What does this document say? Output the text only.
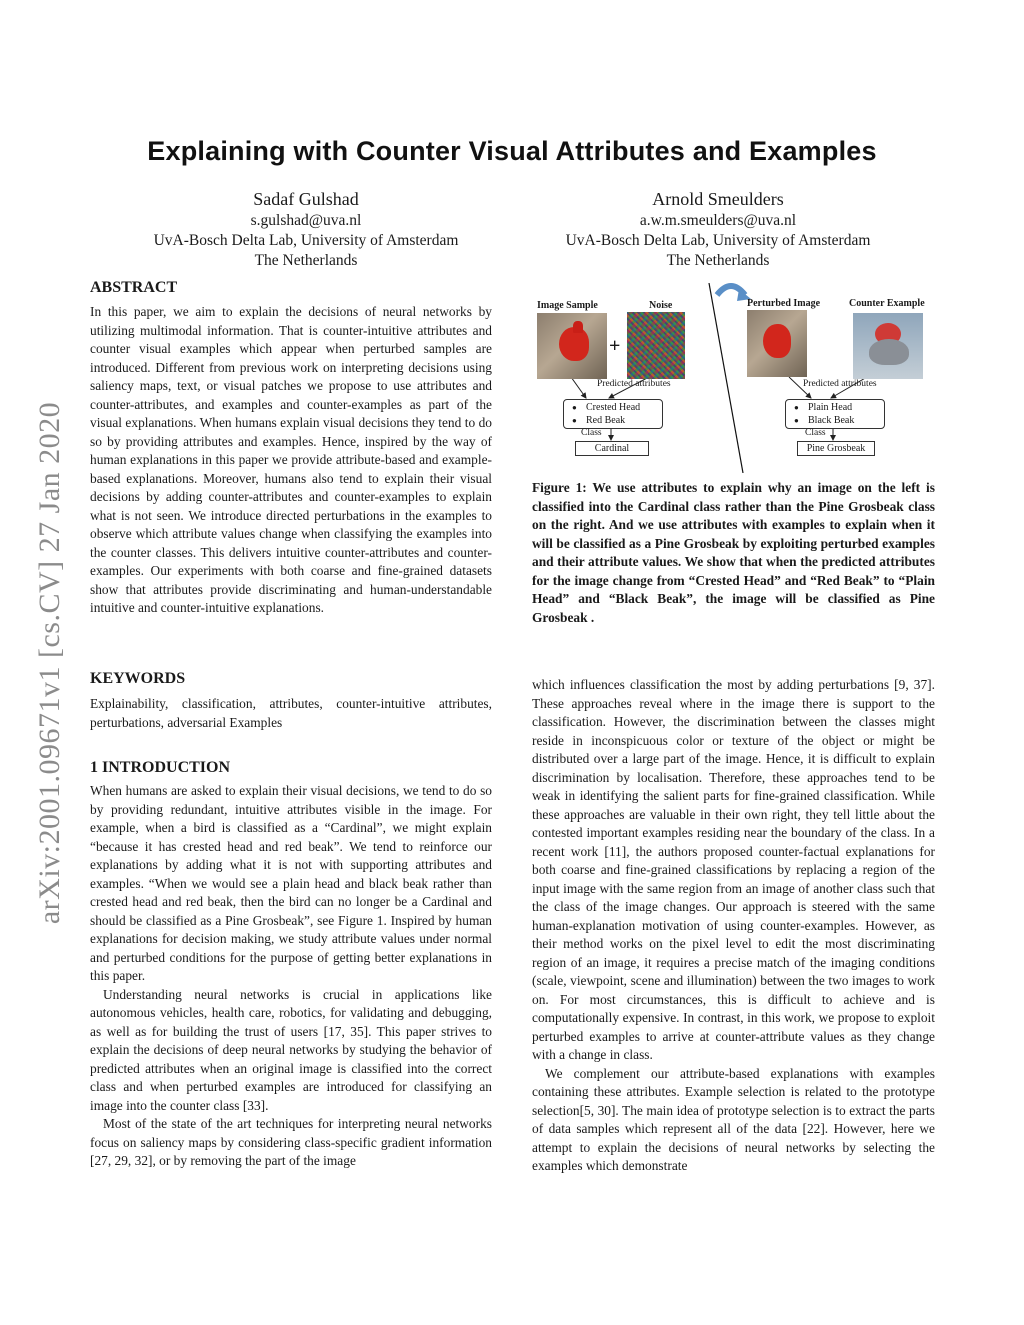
arXiv:2001.09671v1 [cs.CV] 27 Jan 2020
Explaining with Counter Visual Attributes and Examples
Sadaf Gulshad
s.gulshad@uva.nl
UvA-Bosch Delta Lab, University of Amsterdam
The Netherlands
Arnold Smeulders
a.w.m.smeulders@uva.nl
UvA-Bosch Delta Lab, University of Amsterdam
The Netherlands
ABSTRACT

In this paper, we aim to explain the decisions of neural networks by utilizing multimodal information. That is counter-intuitive attributes and counter visual examples which appear when perturbed samples are introduced. Different from previous work on interpreting decisions using saliency maps, text, or visual patches we propose to use attributes and counter-attributes, and examples and counter-examples as part of the visual explanations. When humans explain visual decisions they tend to do so by providing attributes and examples. Hence, inspired by the way of human explanations in this paper we provide attribute-based and example-based explanations. Moreover, humans also tend to explain their visual decisions by adding counter-attributes and counter-examples to explain what is not seen. We introduce directed perturbations in the examples to observe which attribute values change when classifying the examples into the counter classes. This delivers intuitive counter-attributes and counter-examples. Our experiments with both coarse and fine-grained datasets show that attributes provide discriminating and human-understandable intuitive and counter-intuitive explanations.

KEYWORDS

Explainability, classification, attributes, counter-intuitive attributes, perturbations, adversarial Examples

1 INTRODUCTION

When humans are asked to explain their visual decisions, we tend to do so by providing redundant, intuitive attributes visible in the image. For example, when a bird is classified as a “Cardinal”, we might explain “because it has crested head and red beak”. We tend to reinforce our explanations by adding what it is not with supporting attributes and examples. “When we would see a plain head and black beak rather than crested head and red beak, then the bird can no longer be a Cardinal and should be classified as a Pine Grosbeak”, see Figure 1. Inspired by human explanations for decision making, we study attribute values under normal and perturbed conditions for the purpose of getting better explanations in this paper.

Understanding neural networks is crucial in applications like autonomous vehicles, health care, robotics, for validating and debugging, as well as for building the trust of users [17, 35]. This paper strives to explain the decisions of deep neural networks by studying the behavior of predicted attributes when an original image is classified into the correct class and when perturbed examples are introduced for classifying an image into the counter class [33].

Most of the state of the art techniques for interpreting neural networks focus on saliency maps by considering class-specific gradient information [27, 29, 32], or by removing the part of the image

Image Sample	Noise	Perturbed Image	Counter Example
+
Predicted attributes	Predicted attributes
● Crested Head
● Red Beak
● Plain Head
● Black Beak
Class	Class
Cardinal	Pine Grosbeak
Figure 1: We use attributes to explain why an image on the left is classified into the Cardinal class rather than the Pine Grosbeak class on the right. And we use attributes with examples to explain when it will be classified as a Pine Grosbeak by exploiting perturbed examples and their attribute values. We show that when the predicted attributes for the image change from “Crested Head” and “Red Beak” to “Plain Head” and “Black Beak”, the image will be classified as Pine Grosbeak .

which influences classification the most by adding perturbations [9, 37]. These approaches reveal where in the image there is support to the classification. However, the discrimination between the classes might reside in inconspicuous color or texture of the object or might be distributed over a large part of the image. Hence, it is difficult to explain discrimination by localisation. Therefore, these approaches tend to be weak in identifying the salient parts for fine-grained classification. While these approaches are valuable in their own right, they tell little about the contested important examples residing near the boundary of the class. In a recent work [11], the authors proposed counter-factual explanations for both coarse and fine-grained classifications by replacing a region of the input image with the same region from an image of another class such that the class of the image changes. Our approach is steered with the same human-explanation motivation of using counter-examples. However, as their method works on the pixel level to edit the most discriminating region of an image, it requires a precise match of the imaging conditions (scale, viewpoint, scene and illumination) between the two images to work on. For most circumstances, this is difficult to achieve and is computationally expensive. In contrast, in this work, we propose to exploit perturbed examples to arrive at counter-attribute values as they change with a change in class.

We complement our attribute-based explanations with examples containing these attributes. Example selection is related to the prototype selection[5, 30]. The main idea of prototype selection is to extract the parts of data samples which represent all of the data [22]. However, here we attempt to explain the decisions of neural networks by selecting the examples which demonstrate
